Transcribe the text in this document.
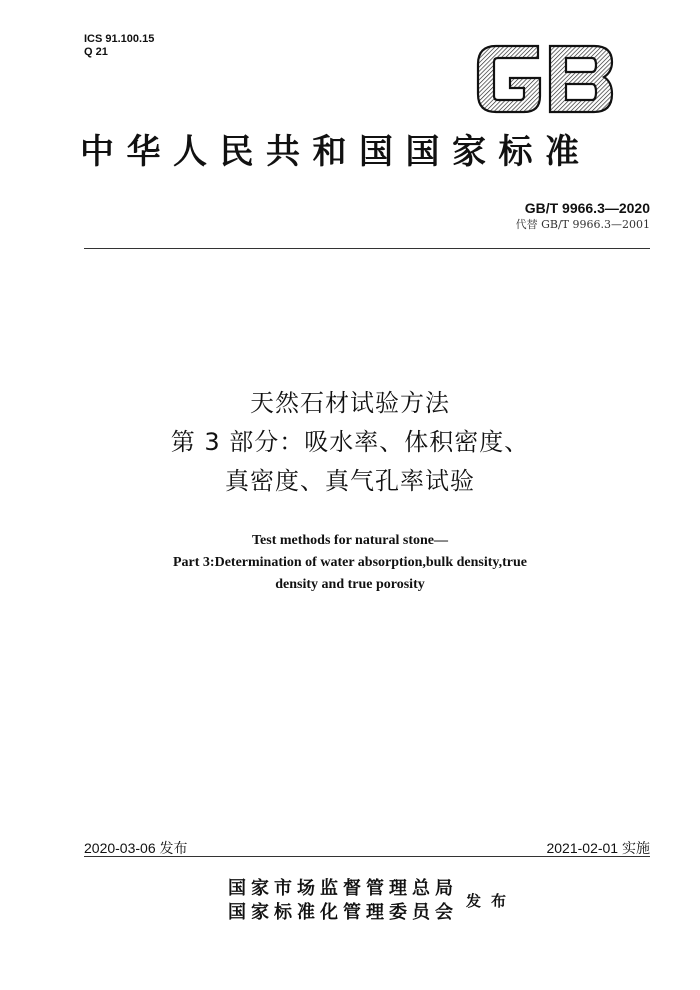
ICS 91.100.15
Q 21
中华人民共和国国家标准
GB/T 9966.3—2020
代替 GB/T 9966.3—2001
天然石材试验方法
第 3 部分：吸水率、体积密度、
真密度、真气孔率试验
Test methods for natural stone—
Part 3:Determination of water absorption,bulk density,true
density and true porosity
2020-03-06 发布	2021-02-01 实施
国家市场监督管理总局
国家标准化管理委员会
发布
